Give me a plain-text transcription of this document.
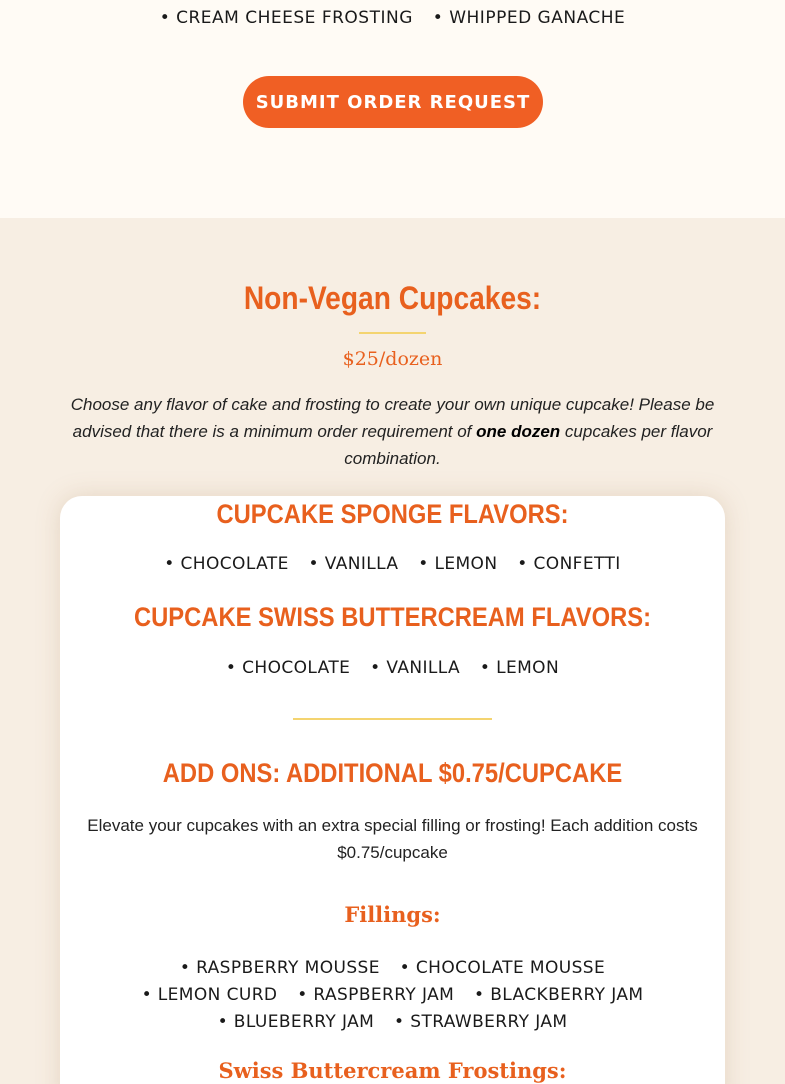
• CREAM CHEESE FROSTING • WHIPPED GANACHE
SUBMIT ORDER REQUEST
Non-Vegan Cupcakes:
$25/dozen

Choose any flavor of cake and frosting to create your own unique cupcake! Please be advised that there is a minimum order requirement of one dozen cupcakes per flavor combination.

CUPCAKE SPONGE FLAVORS:
• CHOCOLATE • VANILLA • LEMON • CONFETTI
CUPCAKE SWISS BUTTERCREAM FLAVORS:
• CHOCOLATE • VANILLA • LEMON
ADD ONS: ADDITIONAL $0.75/CUPCAKE

Elevate your cupcakes with an extra special filling or frosting! Each addition costs $0.75/cupcake

Fillings:
• RASPBERRY MOUSSE • CHOCOLATE MOUSSE • LEMON CURD • RASPBERRY JAM • BLACKBERRY JAM • BLUEBERRY JAM • STRAWBERRY JAM
Swiss Buttercream Frostings:
